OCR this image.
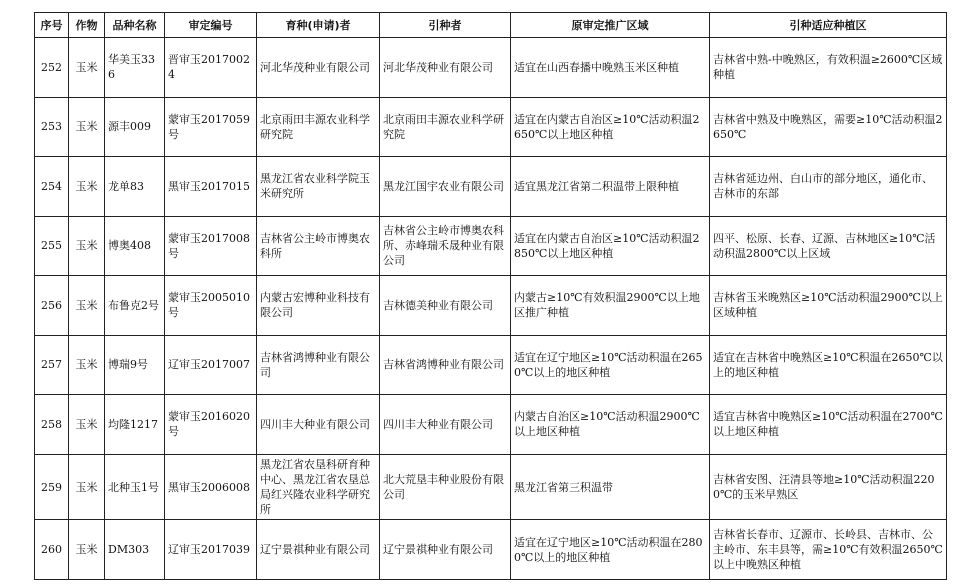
序号	作物	品种名称	审定编号	育种(申请)者	引种者	原审定推广区域	引种适应种植区
252	玉米	华美玉336	晋审玉20170024	河北华茂种业有限公司	河北华茂种业有限公司	适宜在山西春播中晚熟玉米区种植	吉林省中熟-中晚熟区，有效积温≥2600℃区域种植
253	玉米	源丰009	蒙审玉2017059号	北京雨田丰源农业科学研究院	北京雨田丰源农业科学研究院	适宜在内蒙古自治区≥10℃活动积温2650℃以上地区种植	吉林省中熟及中晚熟区，需要≥10℃活动积温2650℃
254	玉米	龙单83	黑审玉2017015	黑龙江省农业科学院玉米研究所	黑龙江国宇农业有限公司	适宜黑龙江省第二积温带上限种植	吉林省延边州、白山市的部分地区，通化市、吉林市的东部
255	玉米	博奥408	蒙审玉2017008号	吉林省公主岭市博奥农科所	吉林省公主岭市博奥农科所、赤峰瑞禾晟种业有限公司	适宜在内蒙古自治区≥10℃活动积温2850℃以上地区种植	四平、松原、长春、辽源、吉林地区≥10℃活动积温2800℃以上区域
256	玉米	布鲁克2号	蒙审玉2005010号	内蒙古宏博种业科技有限公司	吉林德美种业有限公司	内蒙古≥10℃有效积温2900℃以上地区推广种植	吉林省玉米晚熟区≥10℃活动积温2900℃以上区域种植
257	玉米	博瑞9号	辽审玉2017007	吉林省鸿博种业有限公司	吉林省鸿博种业有限公司	适宜在辽宁地区≥10℃活动积温在2650℃以上的地区种植	适宜在吉林省中晚熟区≥10℃积温在2650℃以上的地区种植
258	玉米	均隆1217	蒙审玉2016020号	四川丰大种业有限公司	四川丰大种业有限公司	内蒙古自治区≥10℃活动积温2900℃以上地区种植	适宜吉林省中晚熟区≥10℃活动积温在2700℃以上地区种植
259	玉米	北种玉1号	黑审玉2006008	黑龙江省农垦科研育种中心、黑龙江省农垦总局红兴隆农业科学研究所	北大荒垦丰种业股份有限公司	黑龙江省第三积温带	吉林省安图、汪清县等地≥10℃活动积温2200℃的玉米早熟区
260	玉米	DM303	辽审玉2017039	辽宁景祺种业有限公司	辽宁景祺种业有限公司	适宜在辽宁地区≥10℃活动积温在2800℃以上的地区种植	吉林省长春市、辽源市、长岭县、吉林市、公主岭市、东丰县等，需≥10℃有效积温2650℃以上中晚熟区种植
